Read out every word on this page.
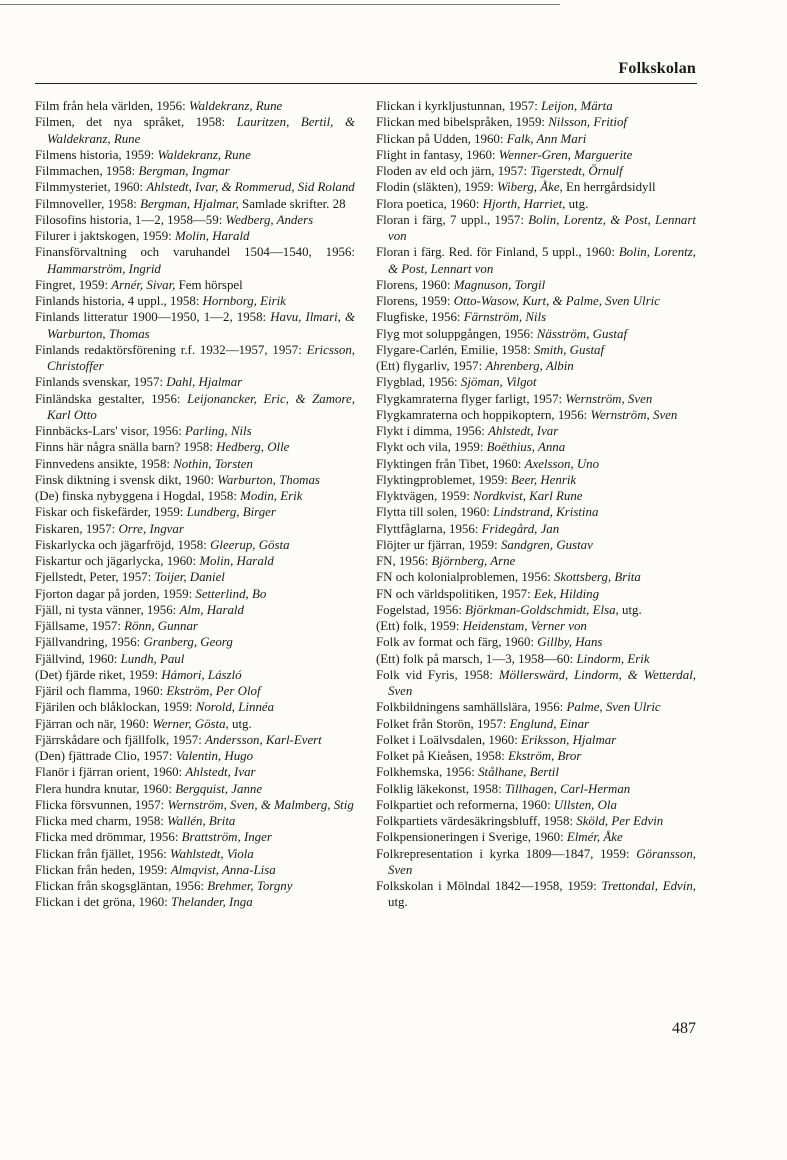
Folkskolan
Film från hela världen, 1956: Waldekranz, Rune
Filmen, det nya språket, 1958: Lauritzen, Bertil, & Waldekranz, Rune
Filmens historia, 1959: Waldekranz, Rune
Filmmachen, 1958: Bergman, Ingmar
Filmmysteriet, 1960: Ahlstedt, Ivar, & Rommerud, Sid Roland
Filmnoveller, 1958: Bergman, Hjalmar, Samlade skrifter. 28
Filosofins historia, 1—2, 1958—59: Wedberg, Anders
Filurer i jaktskogen, 1959: Molin, Harald
Finansförvaltning och varuhandel 1504—1540, 1956: Hammarström, Ingrid
Fingret, 1959: Arnér, Sivar, Fem hörspel
Finlands historia, 4 uppl., 1958: Hornborg, Eirik
Finlands litteratur 1900—1950, 1—2, 1958: Havu, Ilmari, & Warburton, Thomas
Finlands redaktörsförening r.f. 1932—1957, 1957: Ericsson, Christoffer
Finlands svenskar, 1957: Dahl, Hjalmar
Finländska gestalter, 1956: Leijonancker, Eric, & Zamore, Karl Otto
Finnbäcks-Lars' visor, 1956: Parling, Nils
Finns här några snälla barn? 1958: Hedberg, Olle
Finnvedens ansikte, 1958: Nothin, Torsten
Finsk diktning i svensk dikt, 1960: Warburton, Thomas
(De) finska nybyggena i Hogdal, 1958: Modin, Erik
Fiskar och fiskefärder, 1959: Lundberg, Birger
Fiskaren, 1957: Orre, Ingvar
Fiskarlycka och jägarfröjd, 1958: Gleerup, Gösta
Fiskartur och jägarlycka, 1960: Molin, Harald
Fjellstedt, Peter, 1957: Toijer, Daniel
Fjorton dagar på jorden, 1959: Setterlind, Bo
Fjäll, ni tysta vänner, 1956: Alm, Harald
Fjällsame, 1957: Rönn, Gunnar
Fjällvandring, 1956: Granberg, Georg
Fjällvind, 1960: Lundh, Paul
(Det) fjärde riket, 1959: Hámori, László
Fjäril och flamma, 1960: Ekström, Per Olof
Fjärilen och blåklockan, 1959: Norold, Linnéa
Fjärran och när, 1960: Werner, Gösta, utg.
Fjärrskådare och fjällfolk, 1957: Andersson, Karl-Evert
(Den) fjättrade Clio, 1957: Valentin, Hugo
Flanör i fjärran orient, 1960: Ahlstedt, Ivar
Flera hundra knutar, 1960: Bergquist, Janne
Flicka försvunnen, 1957: Wernström, Sven, & Malmberg, Stig
Flicka med charm, 1958: Wallén, Brita
Flicka med drömmar, 1956: Brattström, Inger
Flickan från fjället, 1956: Wahlstedt, Viola
Flickan från heden, 1959: Almqvist, Anna-Lisa
Flickan från skogsgläntan, 1956: Brehmer, Torgny
Flickan i det gröna, 1960: Thelander, Inga
Flickan i kyrkljustunnan, 1957: Leijon, Märta
Flickan med bibelspråken, 1959: Nilsson, Fritiof
Flickan på Udden, 1960: Falk, Ann Mari
Flight in fantasy, 1960: Wenner-Gren, Marguerite
Floden av eld och järn, 1957: Tigerstedt, Örnulf
Flodin (släkten), 1959: Wiberg, Åke, En herrgårdsidyll
Flora poetica, 1960: Hjorth, Harriet, utg.
Floran i färg, 7 uppl., 1957: Bolin, Lorentz, & Post, Lennart von
Floran i färg. Red. för Finland, 5 uppl., 1960: Bolin, Lorentz, & Post, Lennart von
Florens, 1960: Magnuson, Torgil
Florens, 1959: Otto-Wasow, Kurt, & Palme, Sven Ulric
Flugfiske, 1956: Färnström, Nils
Flyg mot soluppgången, 1956: Näsström, Gustaf
Flygare-Carlén, Emilie, 1958: Smith, Gustaf
(Ett) flygarliv, 1957: Ahrenberg, Albin
Flygblad, 1956: Sjöman, Vilgot
Flygkamraterna flyger farligt, 1957: Wernström, Sven
Flygkamraterna och hoppikoptern, 1956: Wernström, Sven
Flykt i dimma, 1956: Ahlstedt, Ivar
Flykt och vila, 1959: Boëthius, Anna
Flyktingen från Tibet, 1960: Axelsson, Uno
Flyktingproblemet, 1959: Beer, Henrik
Flyktvägen, 1959: Nordkvist, Karl Rune
Flytta till solen, 1960: Lindstrand, Kristina
Flyttfåglarna, 1956: Fridegård, Jan
Flöjter ur fjärran, 1959: Sandgren, Gustav
FN, 1956: Björnberg, Arne
FN och kolonialproblemen, 1956: Skottsberg, Brita
FN och världspolitiken, 1957: Eek, Hilding
Fogelstad, 1956: Björkman-Goldschmidt, Elsa, utg.
(Ett) folk, 1959: Heidenstam, Verner von
Folk av format och färg, 1960: Gillby, Hans
(Ett) folk på marsch, 1—3, 1958—60: Lindorm, Erik
Folk vid Fyris, 1958: Möllerswärd, Lindorm, & Wetterdal, Sven
Folkbildningens samhällslära, 1956: Palme, Sven Ulric
Folket från Storön, 1957: Englund, Einar
Folket i Loälvsdalen, 1960: Eriksson, Hjalmar
Folket på Kieåsen, 1958: Ekström, Bror
Folkhemska, 1956: Stålhane, Bertil
Folklig läkekonst, 1958: Tillhagen, Carl-Herman
Folkpartiet och reformerna, 1960: Ullsten, Ola
Folkpartiets värdesäkringsbluff, 1958: Sköld, Per Edvin
Folkpensioneringen i Sverige, 1960: Elmér, Åke
Folkrepresentation i kyrka 1809—1847, 1959: Göransson, Sven
Folkskolan i Mölndal 1842—1958, 1959: Trettondal, Edvin, utg.
487
